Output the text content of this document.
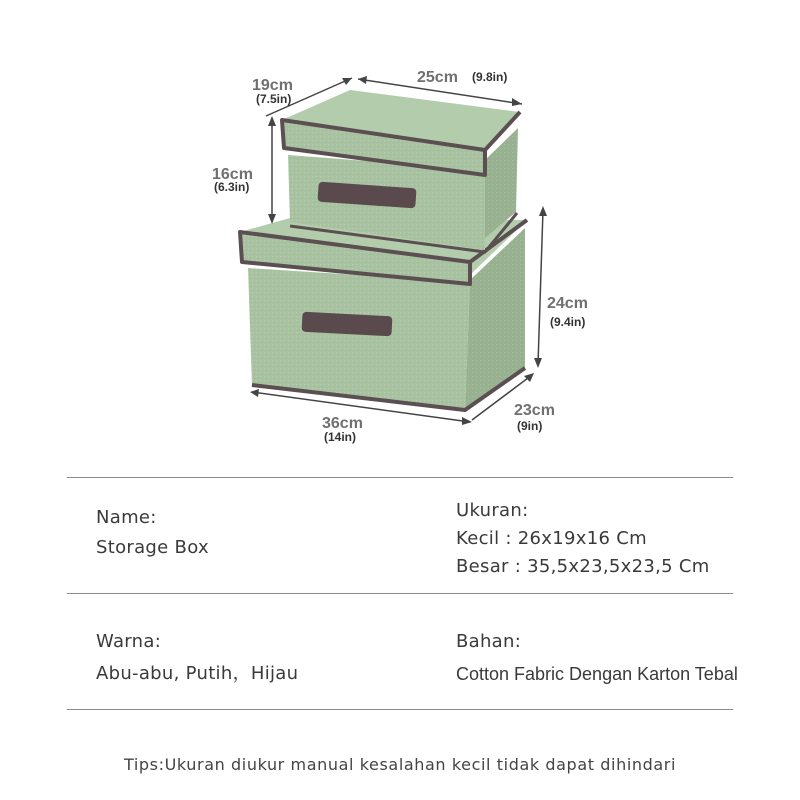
19cm
(7.5in)
25cm (9.8in)
16cm
(6.3in)
24cm
(9.4in)
36cm
(14in)
23cm
(9in)
Name:
Storage Box
Ukuran:
Kecil : 26x19x16 Cm
Besar : 35,5x23,5x23,5 Cm
Warna:
Abu-abu, Putih，Hijau
Bahan:
Cotton Fabric Dengan Karton Tebal
Tips:Ukuran diukur manual kesalahan kecil tidak dapat dihindari
